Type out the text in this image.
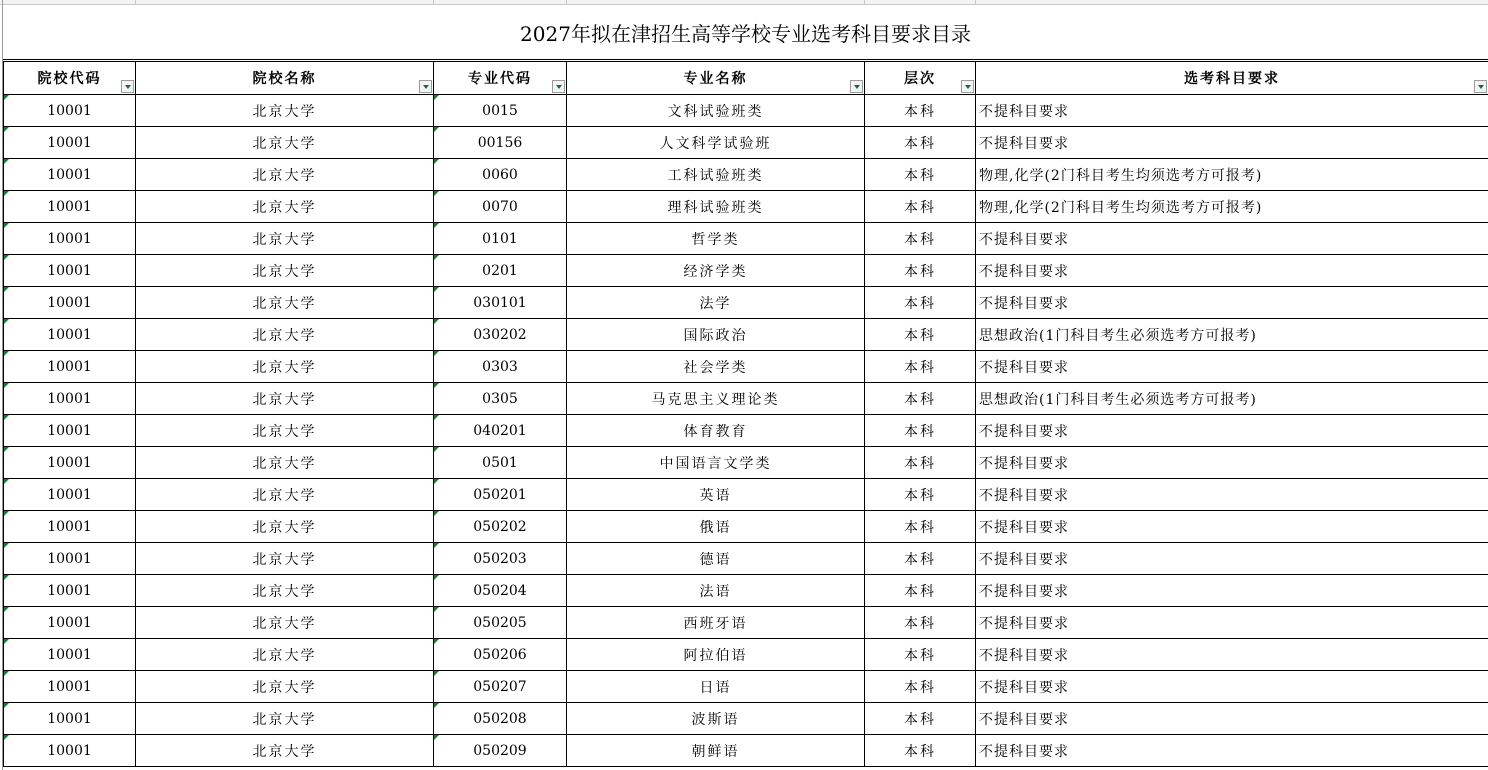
2027年拟在津招生高等学校专业选考科目要求目录
院校代码	院校名称	专业代码	专业名称	层次	选考科目要求

10001	北京大学	0015	文科试验班类	本科	不提科目要求

10001	北京大学	00156	人文科学试验班	本科	不提科目要求

10001	北京大学	0060	工科试验班类	本科	物理,化学(2门科目考生均须选考方可报考)

10001	北京大学	0070	理科试验班类	本科	物理,化学(2门科目考生均须选考方可报考)

10001	北京大学	0101	哲学类	本科	不提科目要求

10001	北京大学	0201	经济学类	本科	不提科目要求

10001	北京大学	030101	法学	本科	不提科目要求

10001	北京大学	030202	国际政治	本科	思想政治(1门科目考生必须选考方可报考)

10001	北京大学	0303	社会学类	本科	不提科目要求

10001	北京大学	0305	马克思主义理论类	本科	思想政治(1门科目考生必须选考方可报考)

10001	北京大学	040201	体育教育	本科	不提科目要求

10001	北京大学	0501	中国语言文学类	本科	不提科目要求

10001	北京大学	050201	英语	本科	不提科目要求

10001	北京大学	050202	俄语	本科	不提科目要求

10001	北京大学	050203	德语	本科	不提科目要求

10001	北京大学	050204	法语	本科	不提科目要求

10001	北京大学	050205	西班牙语	本科	不提科目要求

10001	北京大学	050206	阿拉伯语	本科	不提科目要求

10001	北京大学	050207	日语	本科	不提科目要求

10001	北京大学	050208	波斯语	本科	不提科目要求

10001	北京大学	050209	朝鲜语	本科	不提科目要求
